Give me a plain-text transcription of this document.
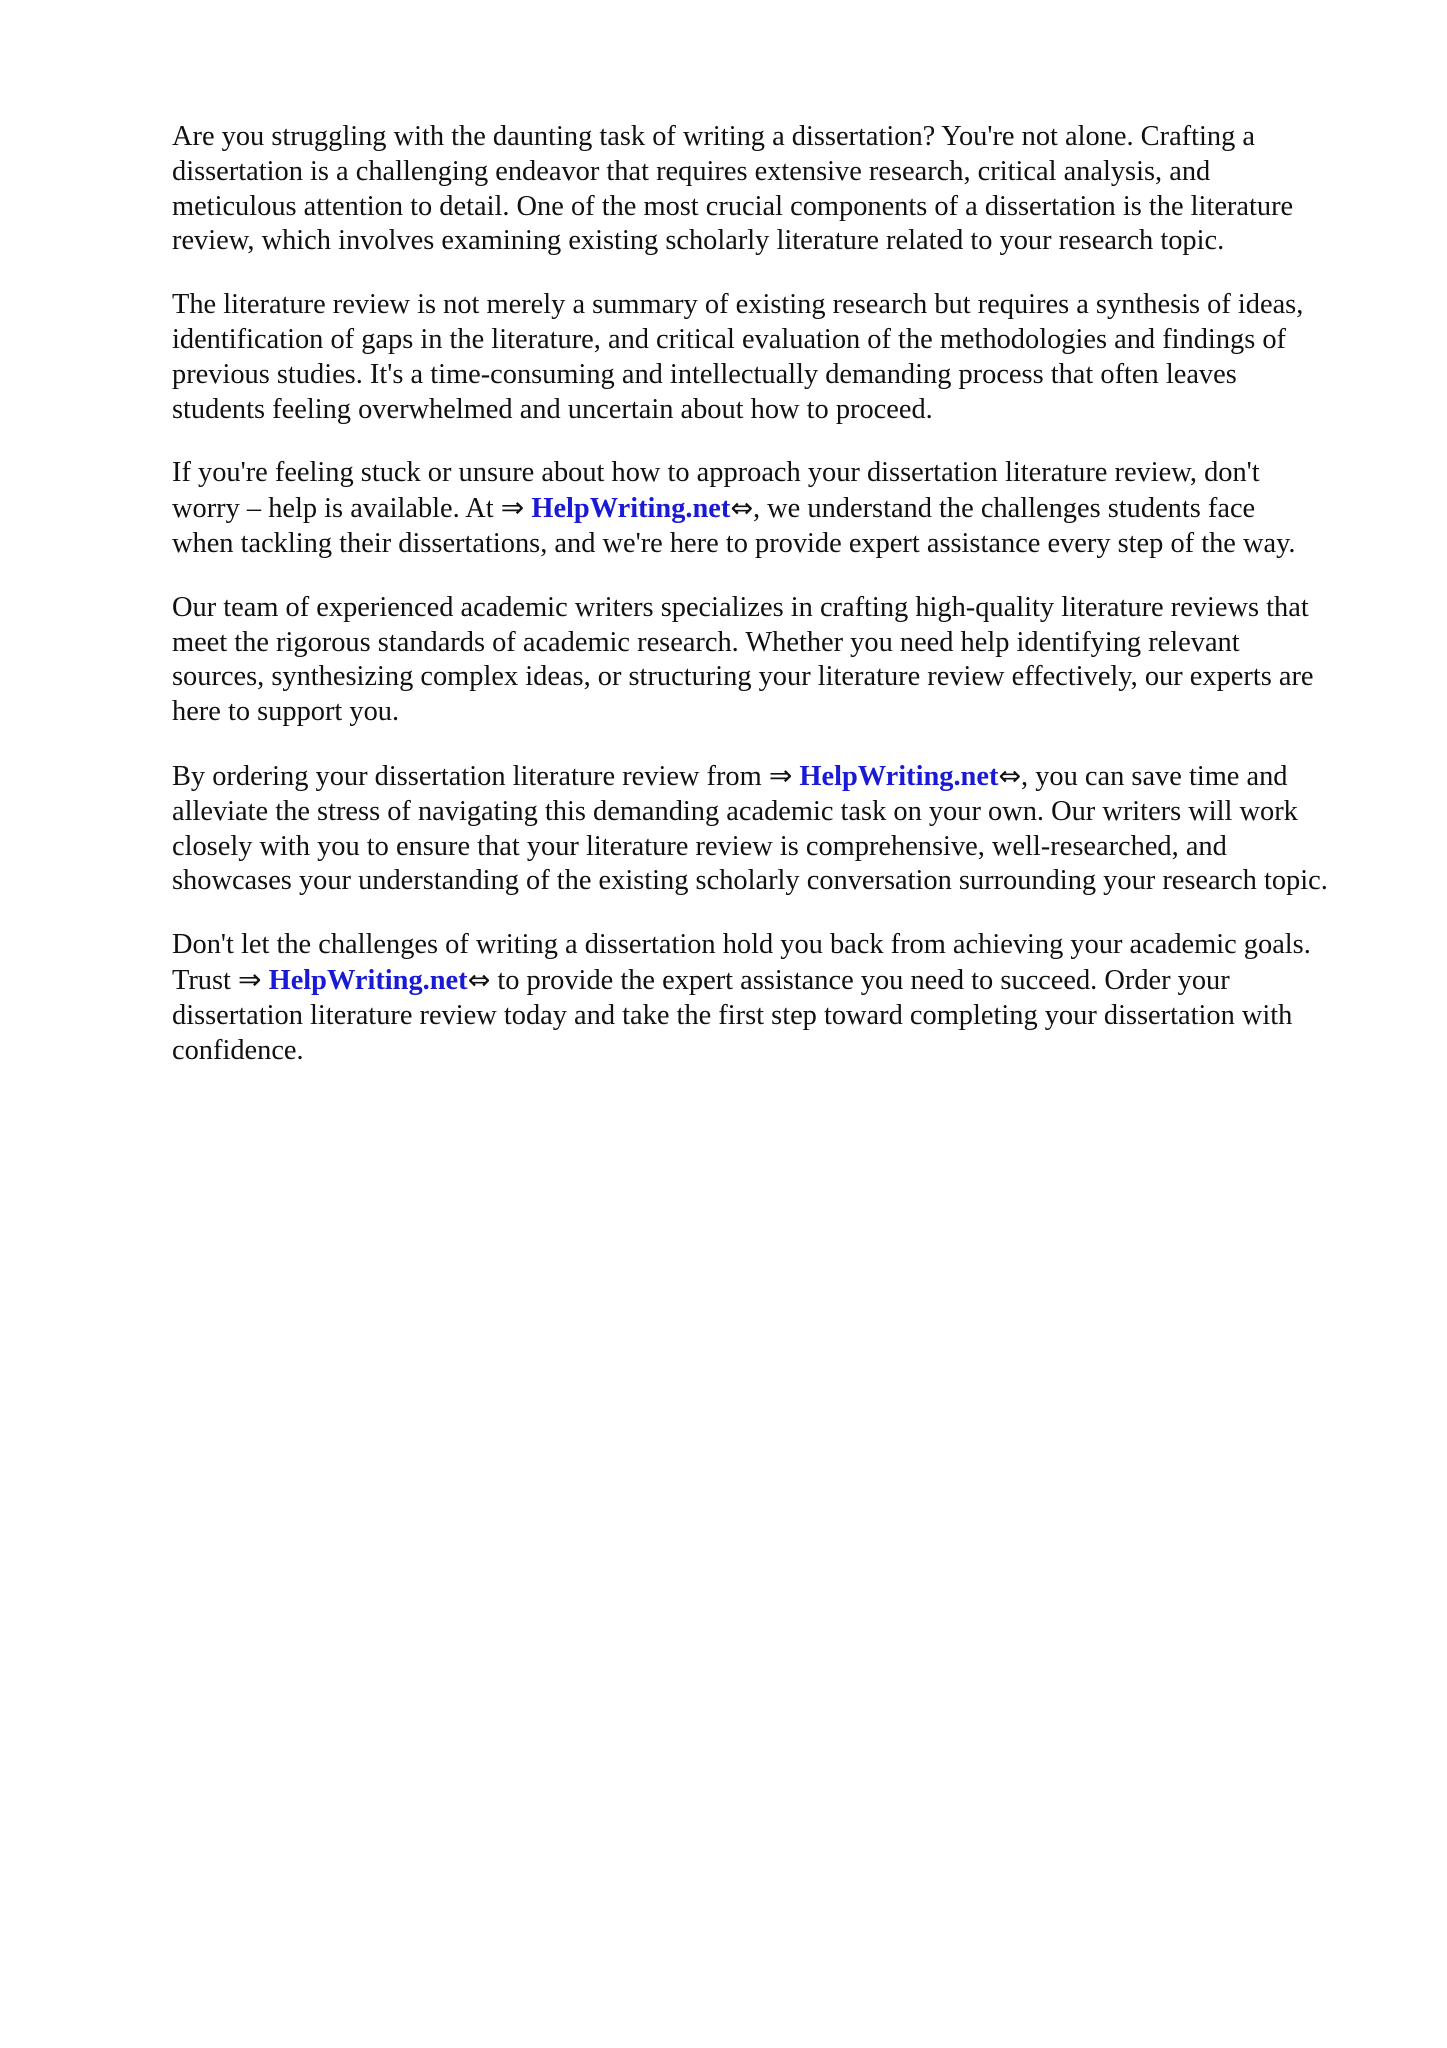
Are you struggling with the daunting task of writing a dissertation? You're not alone. Crafting a
dissertation is a challenging endeavor that requires extensive research, critical analysis, and
meticulous attention to detail. One of the most crucial components of a dissertation is the literature
review, which involves examining existing scholarly literature related to your research topic.

The literature review is not merely a summary of existing research but requires a synthesis of ideas,
identification of gaps in the literature, and critical evaluation of the methodologies and findings of
previous studies. It's a time-consuming and intellectually demanding process that often leaves
students feeling overwhelmed and uncertain about how to proceed.

If you're feeling stuck or unsure about how to approach your dissertation literature review, don't
worry – help is available. At ⇒ HelpWriting.net⇔, we understand the challenges students face
when tackling their dissertations, and we're here to provide expert assistance every step of the way.

Our team of experienced academic writers specializes in crafting high-quality literature reviews that
meet the rigorous standards of academic research. Whether you need help identifying relevant
sources, synthesizing complex ideas, or structuring your literature review effectively, our experts are
here to support you.

By ordering your dissertation literature review from ⇒ HelpWriting.net⇔, you can save time and
alleviate the stress of navigating this demanding academic task on your own. Our writers will work
closely with you to ensure that your literature review is comprehensive, well-researched, and
showcases your understanding of the existing scholarly conversation surrounding your research topic.

Don't let the challenges of writing a dissertation hold you back from achieving your academic goals.
Trust ⇒ HelpWriting.net⇔ to provide the expert assistance you need to succeed. Order your
dissertation literature review today and take the first step toward completing your dissertation with
confidence.
